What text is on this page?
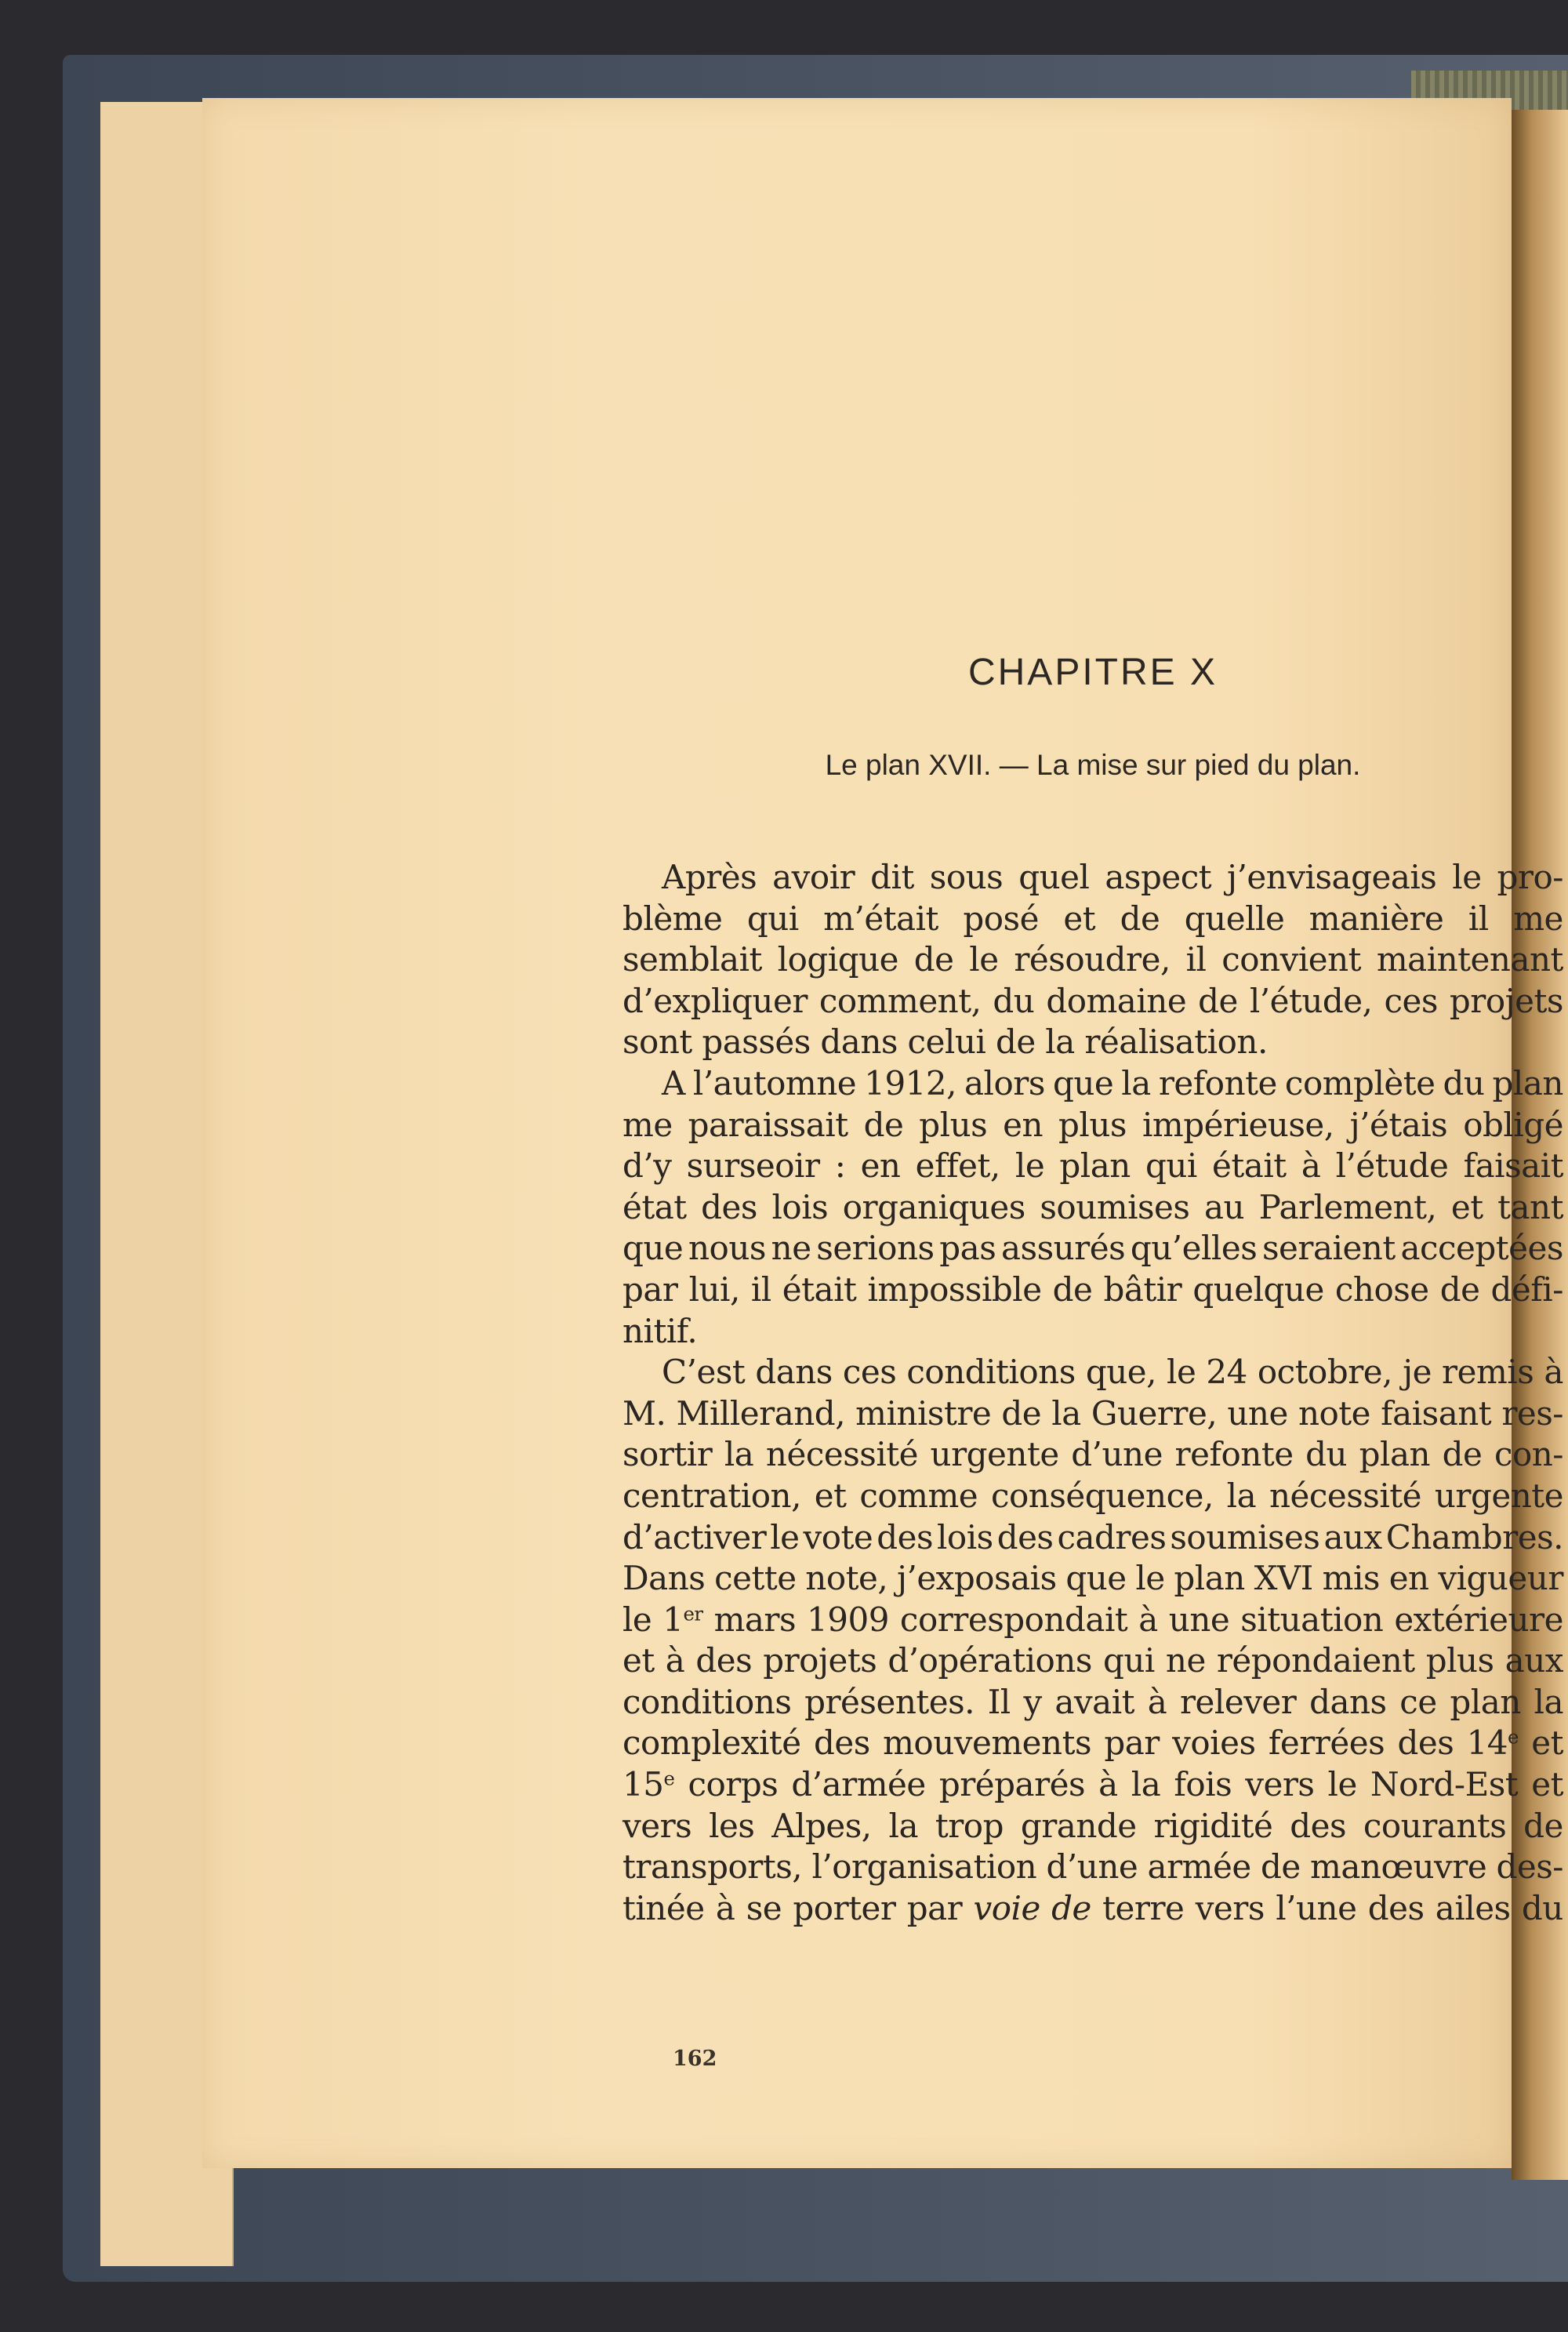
CHAPITRE X
Le plan XVII. — La mise sur pied du plan.
Après avoir dit sous quel aspect j’envisageais le pro-
blème qui m’était posé et de quelle manière il me
semblait logique de le résoudre, il convient maintenant
d’expliquer comment, du domaine de l’étude, ces projets
sont passés dans celui de la réalisation.
A l’automne 1912, alors que la refonte complète du plan
me paraissait de plus en plus impérieuse, j’étais obligé
d’y surseoir : en effet, le plan qui était à l’étude faisait
état des lois organiques soumises au Parlement, et tant
que nous ne serions pas assurés qu’elles seraient acceptées
par lui, il était impossible de bâtir quelque chose de défi-
nitif.
C’est dans ces conditions que, le 24 octobre, je remis à
M. Millerand, ministre de la Guerre, une note faisant res-
sortir la nécessité urgente d’une refonte du plan de con-
centration, et comme conséquence, la nécessité urgente
d’activer le vote des lois des cadres soumises aux Chambres.
Dans cette note, j’exposais que le plan XVI mis en vigueur
le 1er mars 1909 correspondait à une situation extérieure
et à des projets d’opérations qui ne répondaient plus aux
conditions présentes. Il y avait à relever dans ce plan la
complexité des mouvements par voies ferrées des 14e et
15e corps d’armée préparés à la fois vers le Nord-Est et
vers les Alpes, la trop grande rigidité des courants de
transports, l’organisation d’une armée de manœuvre des-
tinée à se porter par voie de terre vers l’une des ailes du
162
